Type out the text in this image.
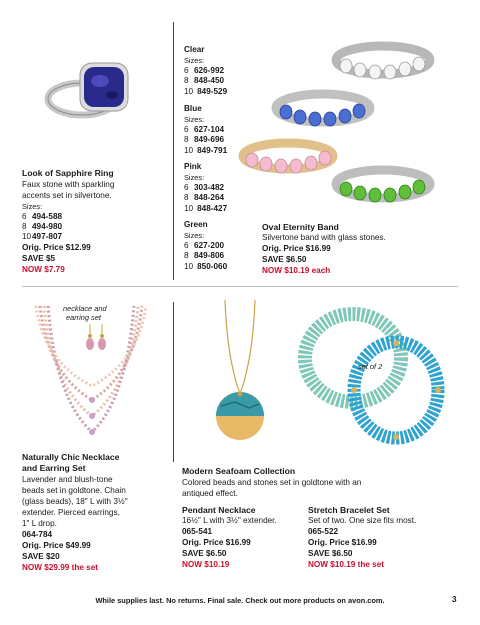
Look of Sapphire Ring
Faux stone with sparkling
accents set in silvertone.
Sizes:
6 494-588
8 494-980
10 497-807
Orig. Price $12.99
SAVE $5
NOW $7.79
Clear
Sizes:
6 626-992
8 848-450
10 849-529
Blue
Sizes:
6 627-104
8 849-696
10 849-791
Pink
Sizes:
6 303-482
8 848-264
10 848-427
Green
Sizes:
6 627-200
8 849-806
10 850-060
Oval Eternity Band
Silvertone band with glass stones.
Orig. Price $16.99
SAVE $6.50
NOW $10.19 each
necklace and
earring set
Naturally Chic Necklace
and Earring Set
Lavender and blush-tone
beads set in goldtone. Chain
(glass beads), 18" L with 3½"
extender. Pierced earrings,
1" L drop.
064-784
Orig. Price $49.99
SAVE $20
NOW $29.99 the set
set of 2
Modern Seafoam Collection
Colored beads and stones set in goldtone with an
antiqued effect.
Pendant Necklace
16½" L with 3½" extender.
065-541
Orig. Price $16.99
SAVE $6.50
NOW $10.19
Stretch Bracelet Set
Set of two. One size fits most.
065-522
Orig. Price $16.99
SAVE $6.50
NOW $10.19 the set
While supplies last. No returns. Final sale. Check out more products on avon.com.	3
